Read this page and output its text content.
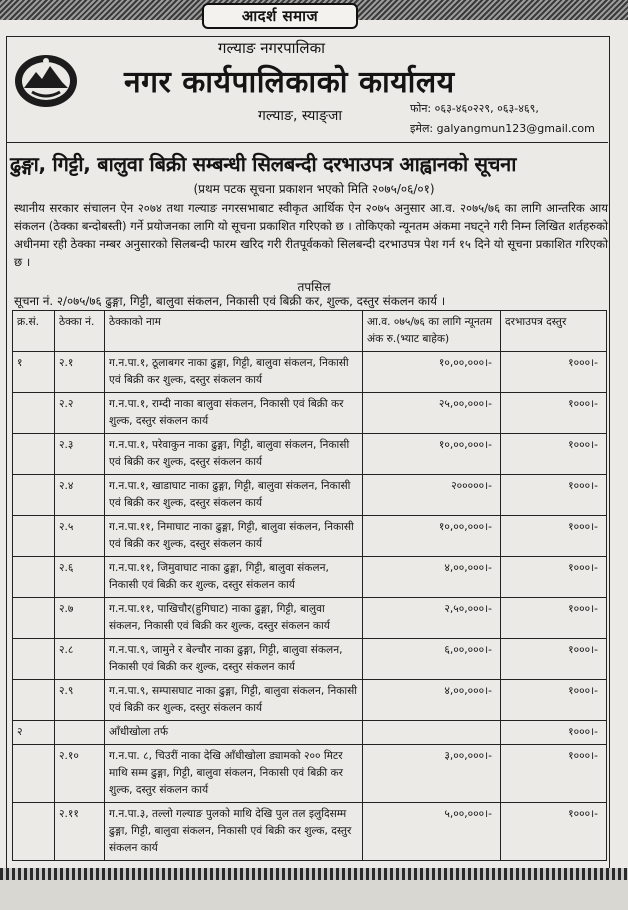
आदर्श समाज
गल्याङ नगरपालिका
नगर कार्यपालिकाको कार्यालय
गल्याङ, स्याङ्जा	फोन: ०६३-४६०२२९, ०६३-४६९,
इमेल: galyangmun123@gmail.com
ढुङ्गा, गिट्टी, बालुवा बिक्री सम्बन्धी सिलबन्दी दरभाउपत्र आह्वानको सूचना
(प्रथम पटक सूचना प्रकाशन भएको मिति २०७५/०६/०१)
स्थानीय सरकार संचालन ऐन २०७४ तथा गल्याङ नगरसभाबाट स्वीकृत आर्थिक ऐन २०७५ अनुसार आ.व. २०७५/७६ का लागि आन्तरिक आय संकलन (ठेक्का बन्दोबस्ती) गर्ने प्रयोजनका लागि यो सूचना प्रकाशित गरिएको छ । तोकिएको न्यूनतम अंकमा नघट्ने गरी निम्न लिखित शर्तहरुको अधीनमा रही ठेक्का नम्बर अनुसारको सिलबन्दी फारम खरिद गरी रीतपूर्वकको सिलबन्दी दरभाउपत्र पेश गर्न १५ दिने यो सूचना प्रकाशित गरिएको छ ।
तपसिल
सूचना नं. २/०७५/७६ ढुङ्गा, गिट्टी, बालुवा संकलन, निकासी एवं बिक्री कर, शुल्क, दस्तुर संकलन कार्य ।
क्र.सं.	ठेक्का नं.	ठेक्काको नाम	आ.व. ०७५/७६ का लागि न्यूनतम अंक रु.(भ्याट बाहेक)	दरभाउपत्र दस्तुर
१	२.१	ग.न.पा.१, ठूलाबगर नाका ढुङ्गा, गिट्टी, बालुवा संकलन, निकासी एवं बिक्री कर शुल्क, दस्तुर संकलन कार्य	१०,००,०००।-	१०००।-
	२.२	ग.न.पा.१, राम्दी नाका बालुवा संकलन, निकासी एवं बिक्री कर शुल्क, दस्तुर संकलन कार्य	२५,००,०००।-	१०००।-
	२.३	ग.न.पा.१, परेवाकुन नाका ढुङ्गा, गिट्टी, बालुवा संकलन, निकासी एवं बिक्री कर शुल्क, दस्तुर संकलन कार्य	१०,००,०००।-	१०००।-
	२.४	ग.न.पा.१, खाडाघाट नाका ढुङ्गा, गिट्टी, बालुवा संकलन, निकासी एवं बिक्री कर शुल्क, दस्तुर संकलन कार्य	२०००००।-	१०००।-
	२.५	ग.न.पा.११, निमाघाट नाका ढुङ्गा, गिट्टी, बालुवा संकलन, निकासी एवं बिक्री कर शुल्क, दस्तुर संकलन कार्य	१०,००,०००।-	१०००।-
	२.६	ग.न.पा.११, जिमुवाघाट नाका ढुङ्गा, गिट्टी, बालुवा संकलन, निकासी एवं बिक्री कर शुल्क, दस्तुर संकलन कार्य	४,००,०००।-	१०००।-
	२.७	ग.न.पा.११, पाखिचौर(हुगिघाट) नाका ढुङ्गा, गिट्टी, बालुवा संकलन, निकासी एवं बिक्री कर शुल्क, दस्तुर संकलन कार्य	२,५०,०००।-	१०००।-
	२.८	ग.न.पा.९, जामुने र बेल्चौर नाका ढुङ्गा, गिट्टी, बालुवा संकलन, निकासी एवं बिक्री कर शुल्क, दस्तुर संकलन कार्य	६,००,०००।-	१०००।-
	२.९	ग.न.पा.९, सम्पासघाट नाका ढुङ्गा, गिट्टी, बालुवा संकलन, निकासी एवं बिक्री कर शुल्क, दस्तुर संकलन कार्य	४,००,०००।-	१०००।-
२		आँधीखोला तर्फ		१०००।-
	२.१०	ग.न.पा. ८, चिउरीं नाका देखि आँधीखोला ड्यामको २०० मिटर माथि सम्म ढुङ्गा, गिट्टी, बालुवा संकलन, निकासी एवं बिक्री कर शुल्क, दस्तुर संकलन कार्य	३,००,०००।-	१०००।-
	२.११	ग.न.पा.३, तल्लो गल्याङ पुलको माथि देखि पुल तल इलुदिसम्म ढुङ्गा, गिट्टी, बालुवा संकलन, निकासी एवं बिक्री कर शुल्क, दस्तुर संकलन कार्य	५,००,०००।-	१०००।-
